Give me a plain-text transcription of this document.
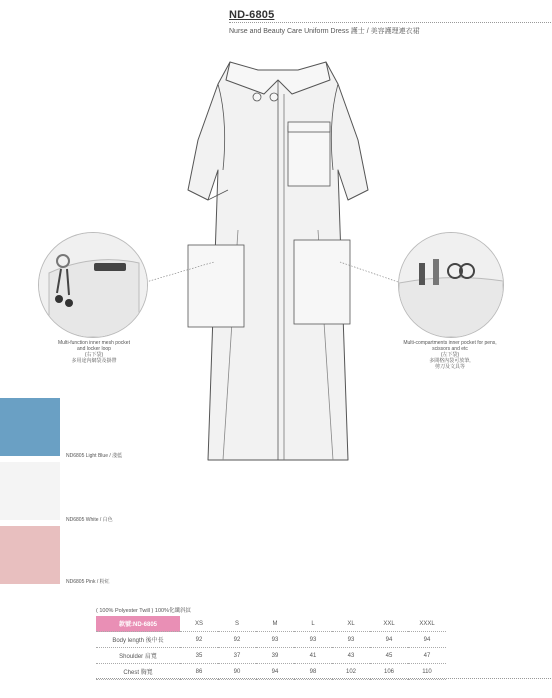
ND-6805
Nurse and Beauty Care Uniform Dress 護士 / 美容護理連衣裙
Multi-function inner mesh pocket
and locker loop
(右下袋)
多用途內網袋及掛帶
Multi-compartments inner pocket for pens,
scissors and etc
(左下袋)
多間格內袋可放筆,
剪刀及文具等
ND6805 Light Blue / 淺藍
ND6805 White / 白色
ND6805 Pink / 粉紅
( 100% Polyester Twill ) 100%化纖斜紋
款號:ND-6805	XS	S	M	L	XL	XXL	XXXL
Body length 後中長	92	92	93	93	93	94	94
Shoulder 肩寬	35	37	39	41	43	45	47
Chest 胸寬	86	90	94	98	102	106	110
